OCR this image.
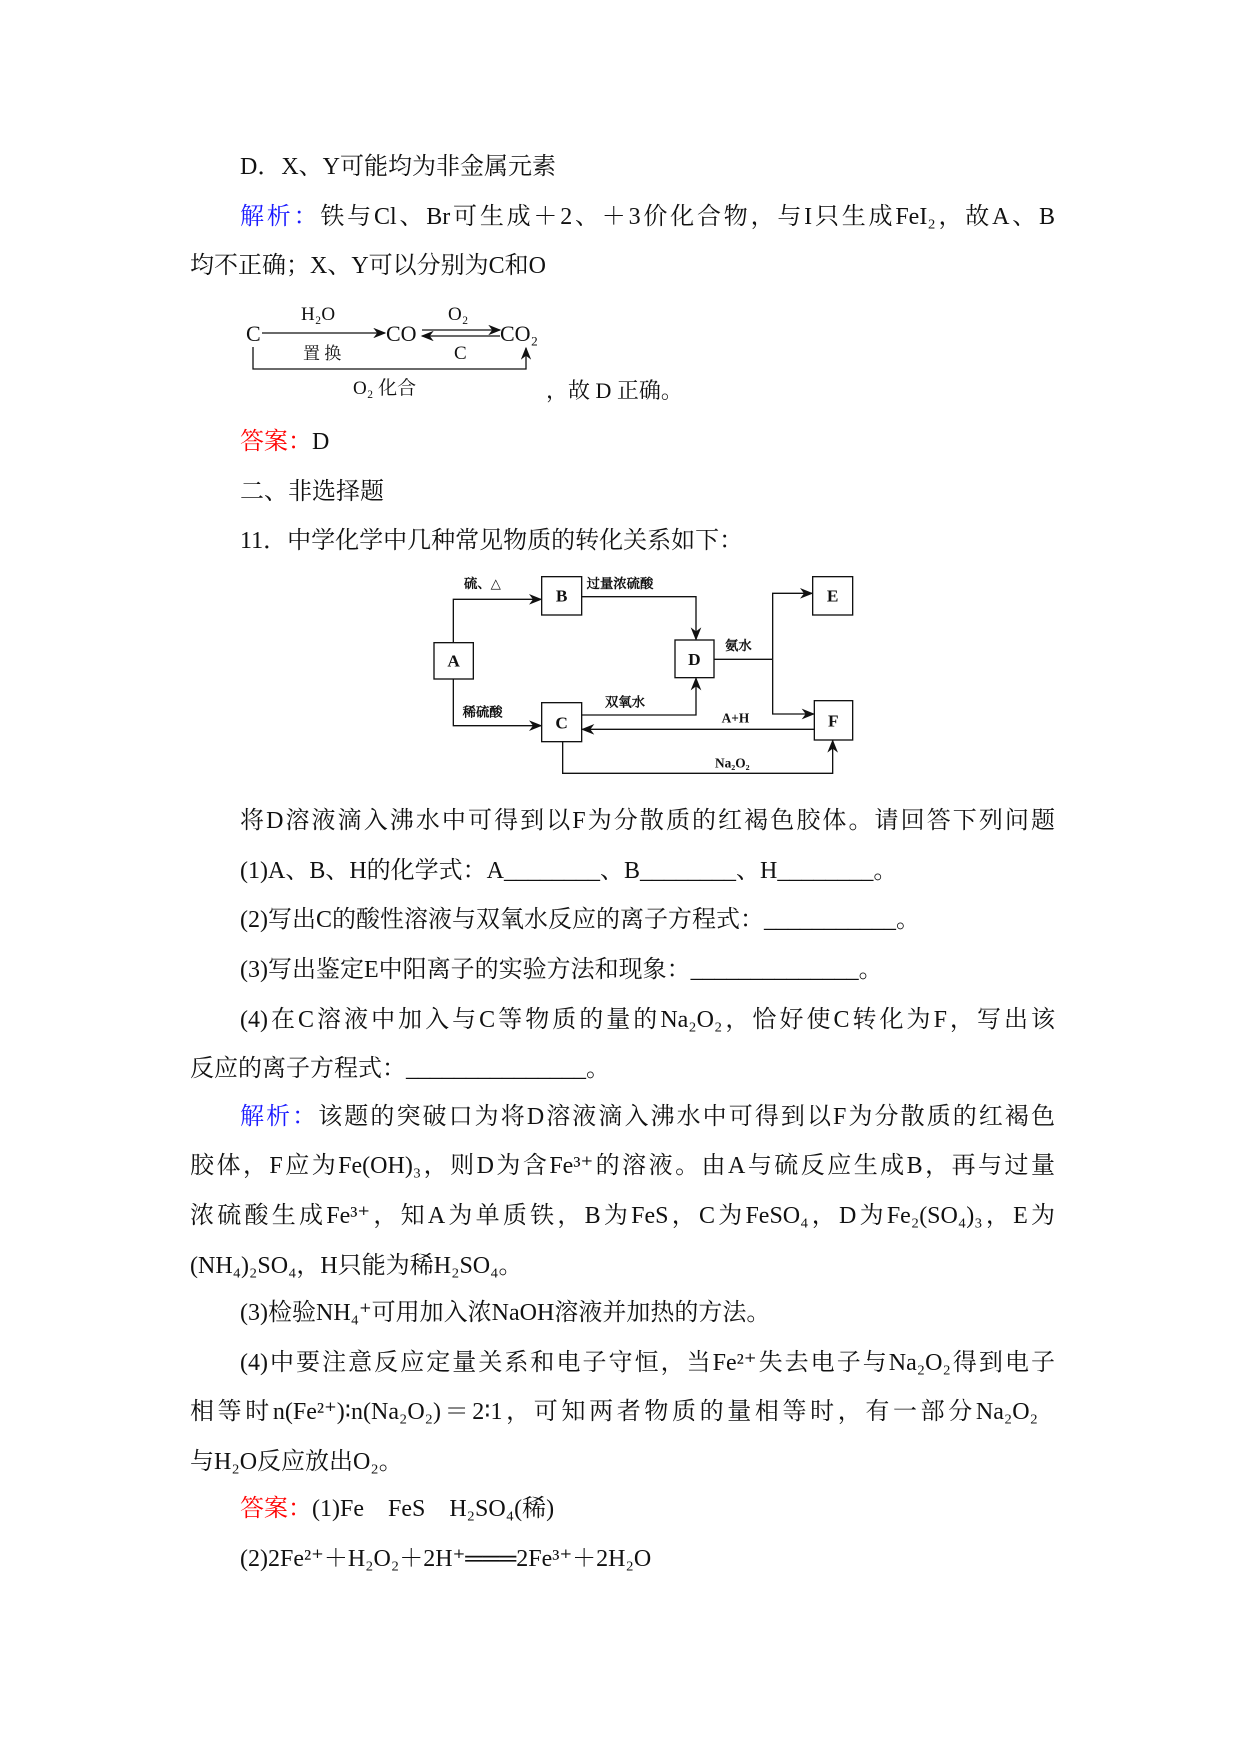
D．X、Y可能均为非金属元素
解析：铁与Cl、Br可生成＋2、＋3价化合物，与I只生成FeI₂，故A、B
均不正确；X、Y可以分别为C和O
C	CO	CO₂
H₂O
置 换
O₂
C
O₂ 化合	，故 D 正确。
答案：D
二、非选择题
11．中学化学中几种常见物质的转化关系如下：
A
B
C
D
E
F
硫、△ 过量浓硫酸
稀硫酸
双氧水
氨水
A+H
Na₂O₂
将D溶液滴入沸水中可得到以F为分散质的红褐色胶体。请回答下列问题
(1)A、B、H的化学式：A________、B________、H________。
(2)写出C的酸性溶液与双氧水反应的离子方程式：___________。
(3)写出鉴定E中阳离子的实验方法和现象：______________。
(4)在C溶液中加入与C等物质的量的Na₂O₂，恰好使C转化为F，写出该
反应的离子方程式：_______________。
解析：该题的突破口为将D溶液滴入沸水中可得到以F为分散质的红褐色
胶体，F应为Fe(OH)₃，则D为含Fe³⁺的溶液。由A与硫反应生成B，再与过量
浓硫酸生成Fe³⁺，知A为单质铁，B为FeS，C为FeSO₄，D为Fe₂(SO₄)₃，E为
(NH₄)₂SO₄，H只能为稀H₂SO₄。
(3)检验NH₄⁺可用加入浓NaOH溶液并加热的方法。
(4)中要注意反应定量关系和电子守恒，当Fe²⁺失去电子与Na₂O₂得到电子
相等时n(Fe²⁺)∶n(Na₂O₂)＝2∶1，可知两者物质的量相等时，有一部分Na₂O₂
与H₂O反应放出O₂。
答案：(1)Fe　FeS　H₂SO₄(稀)
(2)2Fe²⁺＋H₂O₂＋2H⁺═══2Fe³⁺＋2H₂O
